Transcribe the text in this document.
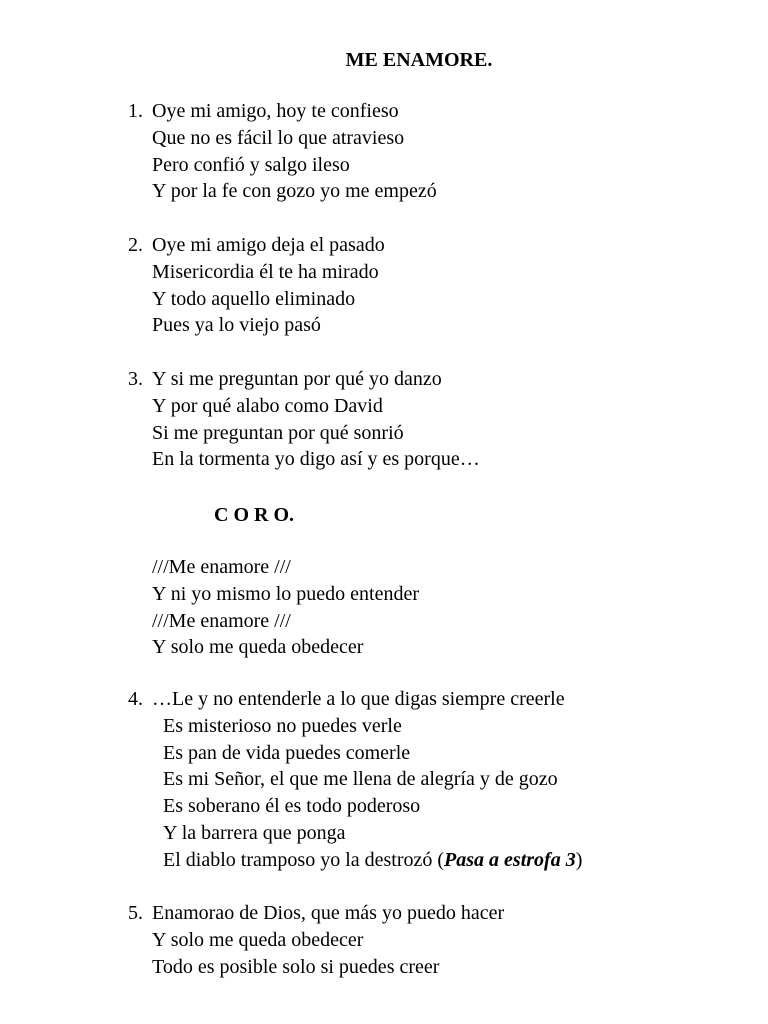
ME ENAMORE.
1. Oye mi amigo, hoy te confieso
Que no es fácil lo que atravieso
Pero confió y salgo ileso
Y por la fe con gozo yo me empezó
2. Oye mi amigo deja el pasado
Misericordia él te ha mirado
Y todo aquello eliminado
Pues ya lo viejo pasó
3. Y si me preguntan por qué yo danzo
Y por qué alabo como David
Si me preguntan por qué sonrió
En la tormenta yo digo así y es porque…
C O R O.
///Me enamore ///
Y ni yo mismo lo puedo entender
///Me enamore ///
Y solo me queda obedecer
4. …Le y no entenderle a lo que digas siempre creerle
Es misterioso no puedes verle
Es pan de vida puedes comerle
Es mi Señor, el que me llena de alegría y de gozo
Es soberano él es todo poderoso
Y la barrera que ponga
El diablo tramposo yo la destrozó (Pasa a estrofa 3)
5. Enamorao de Dios, que más yo puedo hacer
Y solo me queda obedecer
Todo es posible solo si puedes creer
